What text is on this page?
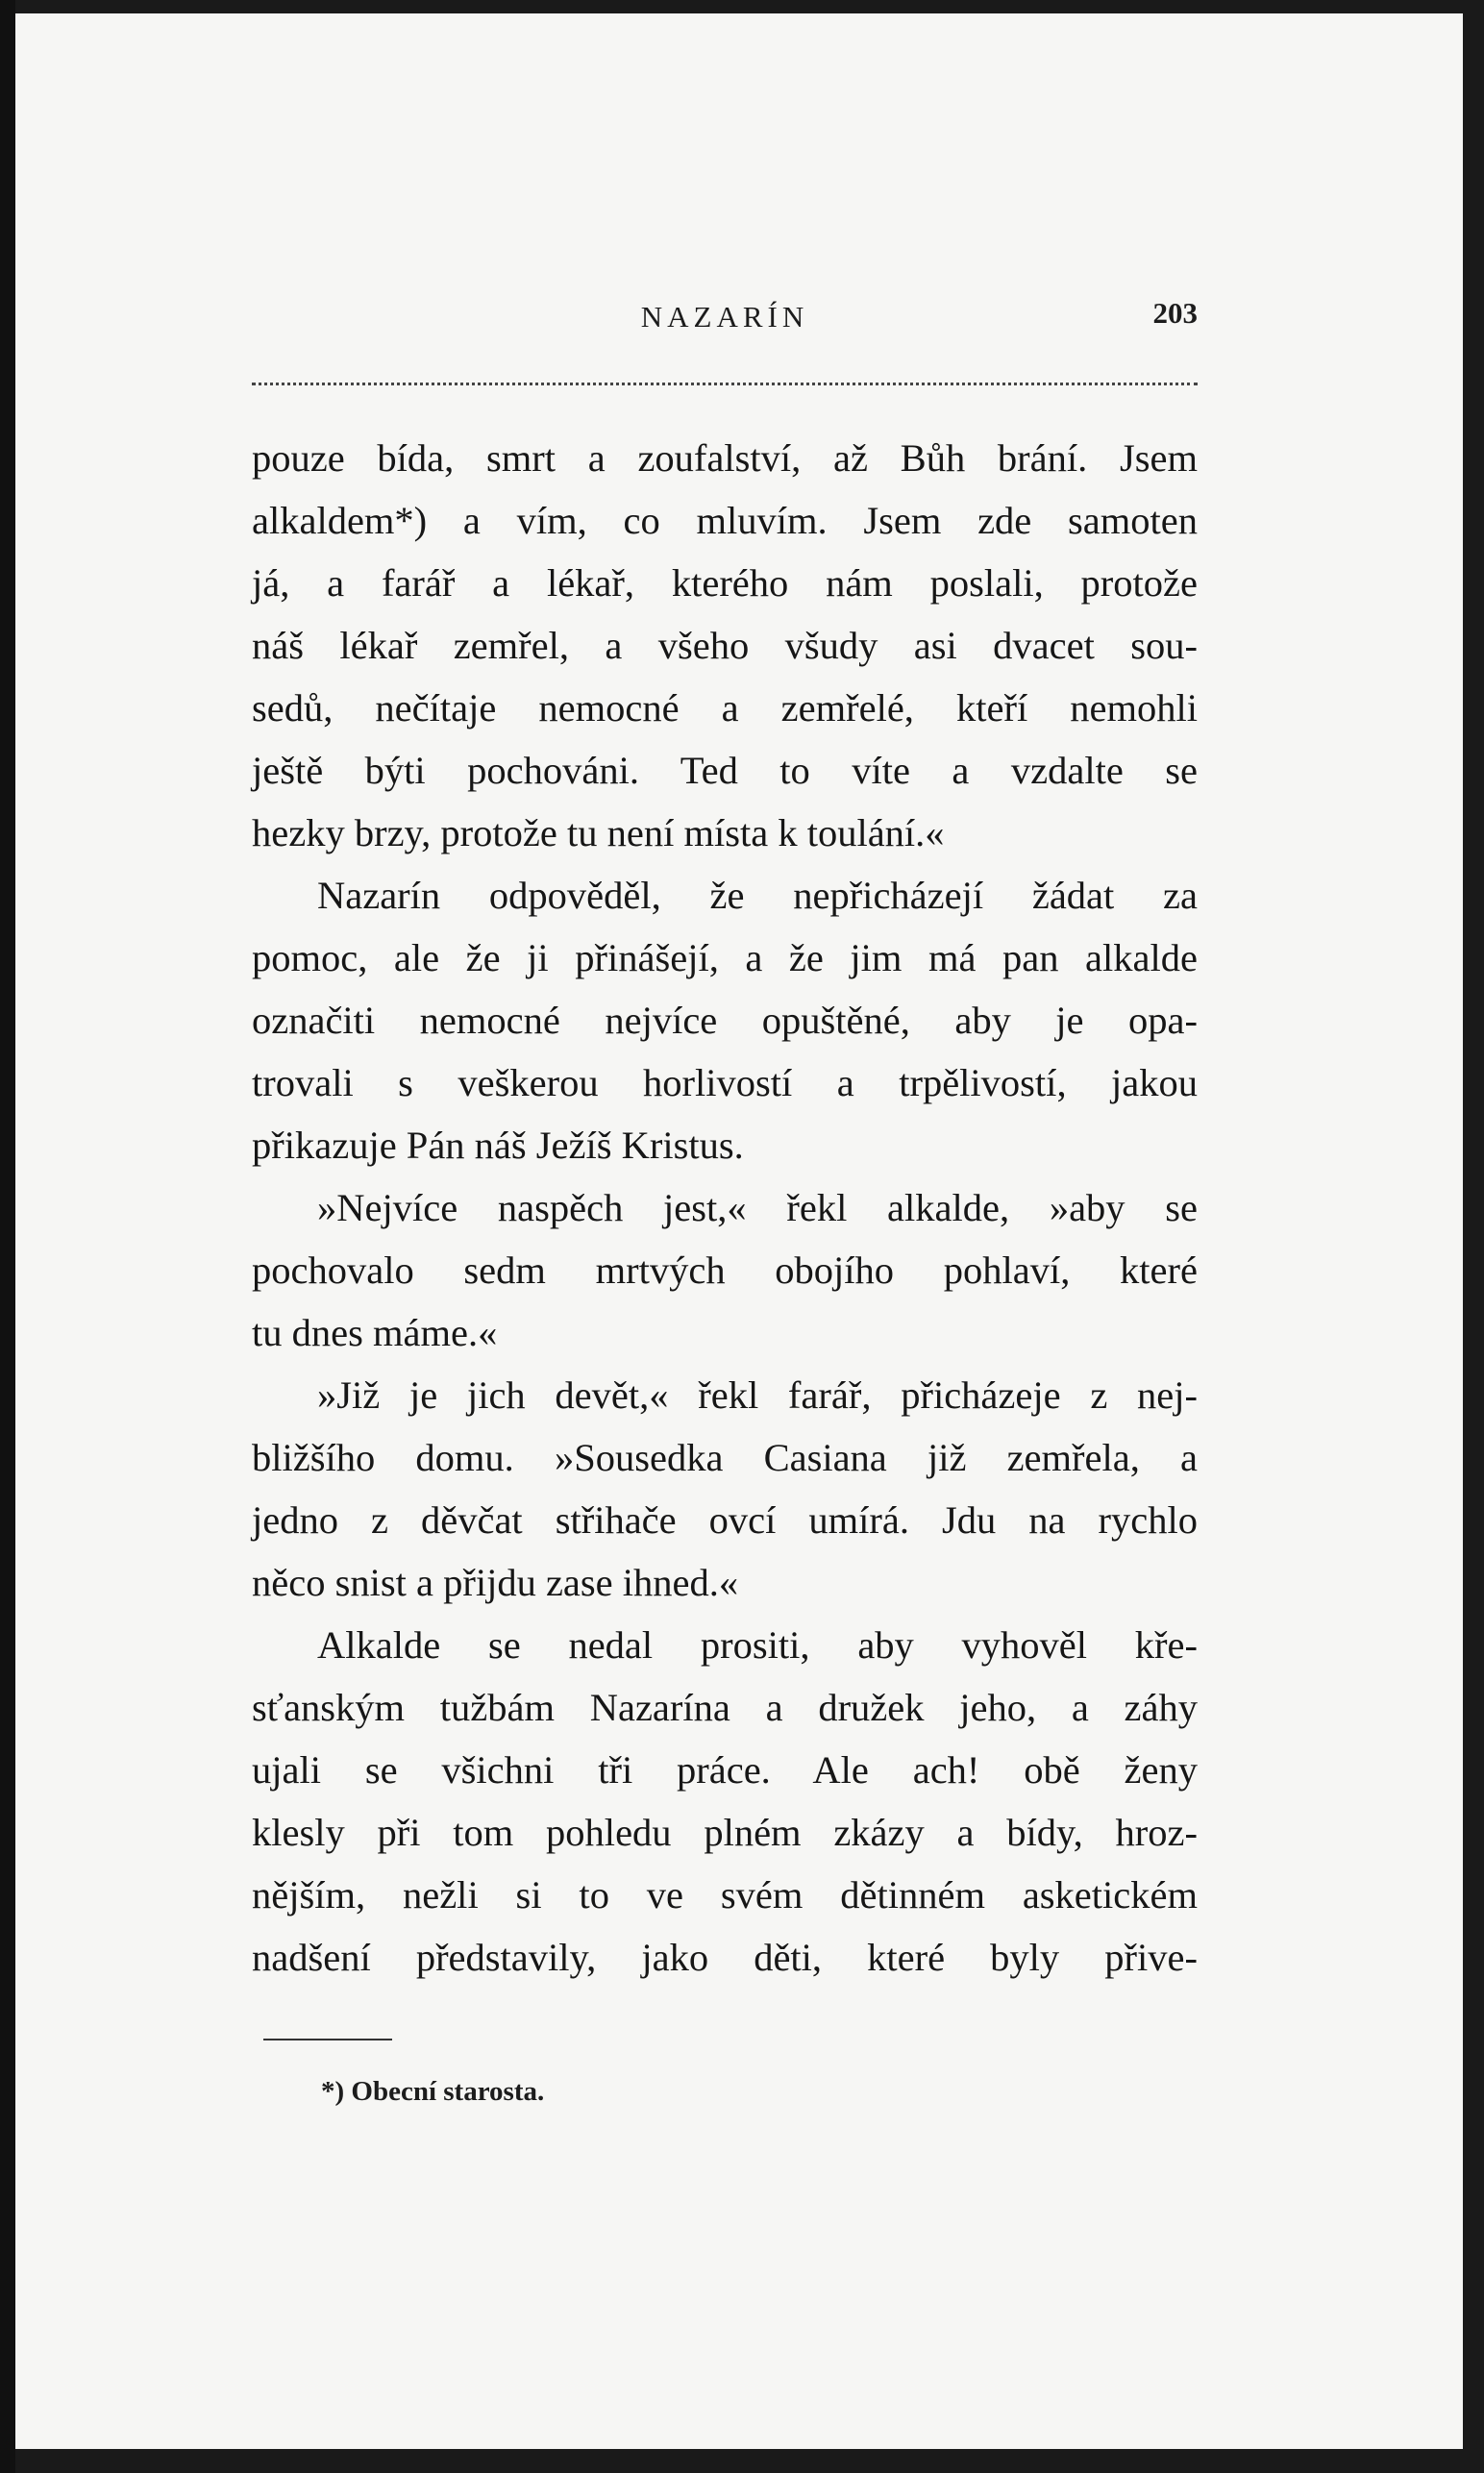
NAZARÍN	203
pouze bída, smrt a zoufalství, až Bůh brání. Jsem
alkaldem*) a vím, co mluvím. Jsem zde samoten
já, a farář a lékař, kterého nám poslali, protože
náš lékař zemřel, a všeho všudy asi dvacet sou-
sedů, nečítaje nemocné a zemřelé, kteří nemohli
ještě býti pochováni. Ted to víte a vzdalte se
hezky brzy, protože tu není místa k toulání.«
Nazarín odpověděl, že nepřicházejí žádat za
pomoc, ale že ji přinášejí, a že jim má pan alkalde
označiti nemocné nejvíce opuštěné, aby je opa-
trovali s veškerou horlivostí a trpělivostí, jakou
přikazuje Pán náš Ježíš Kristus.
»Nejvíce naspěch jest,« řekl alkalde, »aby se
pochovalo sedm mrtvých obojího pohlaví, které
tu dnes máme.«
»Již je jich devět,« řekl farář, přicházeje z nej-
bližšího domu. »Sousedka Casiana již zemřela, a
jedno z děvčat střihače ovcí umírá. Jdu na rychlo
něco snist a přijdu zase ihned.«
Alkalde se nedal prositi, aby vyhověl kře-
sťanským tužbám Nazarína a družek jeho, a záhy
ujali se všichni tři práce. Ale ach! obě ženy
klesly při tom pohledu plném zkázy a bídy, hroz-
nějším, nežli si to ve svém dětinném asketickém
nadšení představily, jako děti, které byly přive-
*) Obecní starosta.
